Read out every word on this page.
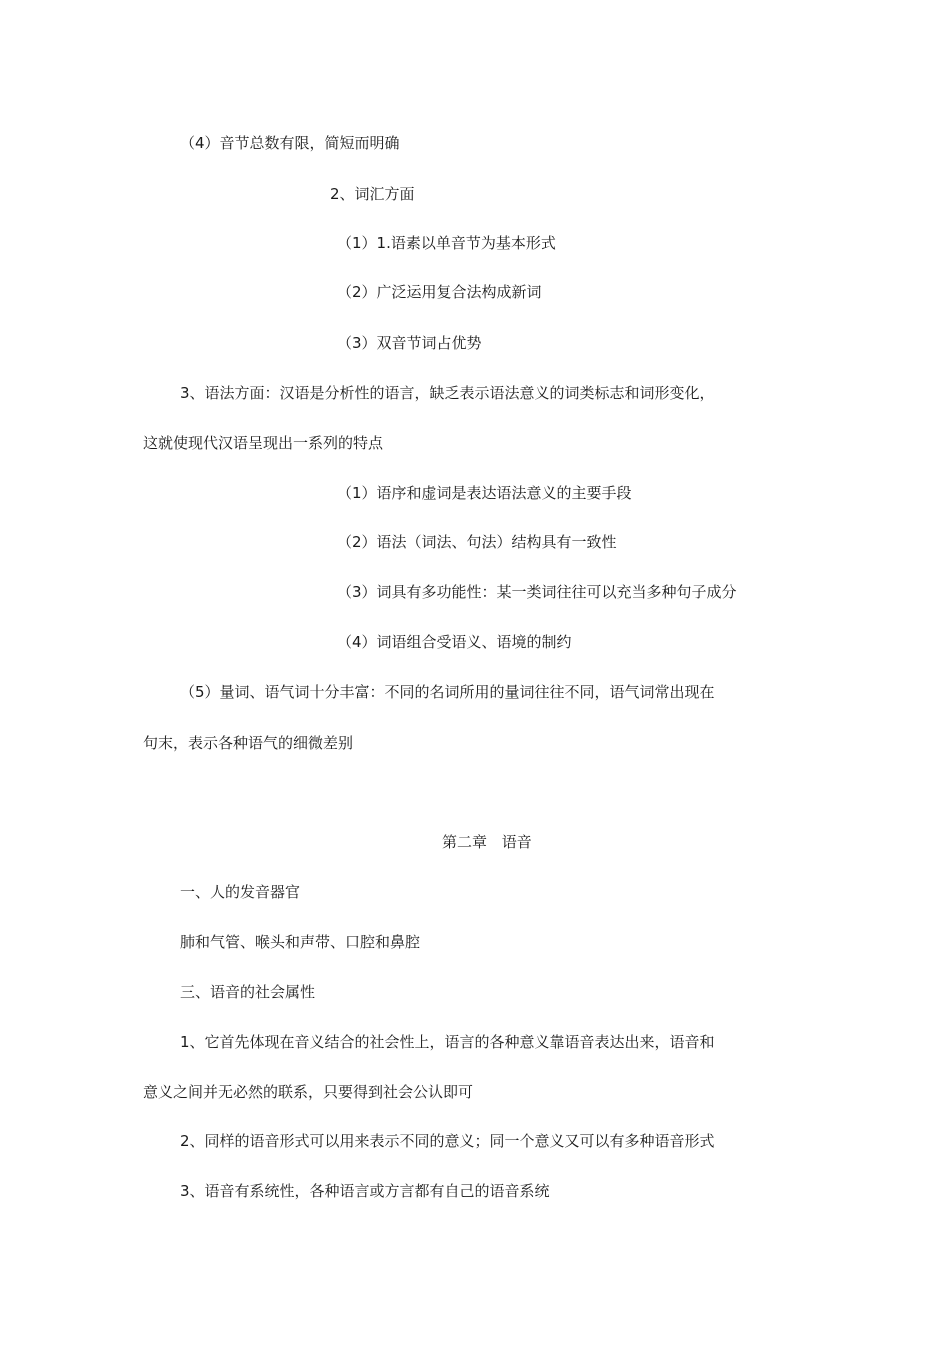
（4）音节总数有限，简短而明确

2、词汇方面

（1）1.语素以单音节为基本形式

（2）广泛运用复合法构成新词

（3）双音节词占优势

3、语法方面：汉语是分析性的语言，缺乏表示语法意义的词类标志和词形变化，

这就使现代汉语呈现出一系列的特点

（1）语序和虚词是表达语法意义的主要手段

（2）语法（词法、句法）结构具有一致性

（3）词具有多功能性：某一类词往往可以充当多种句子成分

（4）词语组合受语义、语境的制约

（5）量词、语气词十分丰富：不同的名词所用的量词往往不同，语气词常出现在

句末，表示各种语气的细微差别

第二章 语音

一、人的发音器官

肺和气管、喉头和声带、口腔和鼻腔

三、语音的社会属性

1、它首先体现在音义结合的社会性上，语言的各种意义靠语音表达出来，语音和

意义之间并无必然的联系，只要得到社会公认即可

2、同样的语音形式可以用来表示不同的意义；同一个意义又可以有多种语音形式

3、语音有系统性，各种语言或方言都有自己的语音系统
